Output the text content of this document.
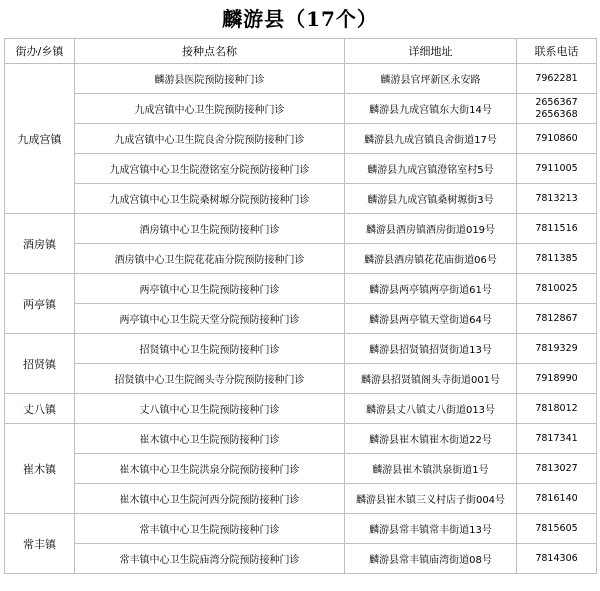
麟游县（17个）
街办/乡镇	接种点名称	详细地址	联系电话
九成宫镇	麟游县医院预防接种门诊	麟游县官坪新区永安路	7962281

	九成宫镇中心卫生院预防接种门诊	麟游县九成宫镇东大街14号	2656367
2656368

	九成宫镇中心卫生院良舍分院预防接种门诊	麟游县九成宫镇良舍街道17号	7910860

	九成宫镇中心卫生院澄铭室分院预防接种门诊	麟游县九成宫镇澄铭室村5号	7911005

	九成宫镇中心卫生院桑树塬分院预防接种门诊	麟游县九成宫镇桑树塬街3号	7813213

酒房镇	酒房镇中心卫生院预防接种门诊	麟游县酒房镇酒房街道019号	7811516

	酒房镇中心卫生院花花庙分院预防接种门诊	麟游县酒房镇花花庙街道06号	7811385

两亭镇	两亭镇中心卫生院预防接种门诊	麟游县两亭镇两亭街道61号	7810025

	两亭镇中心卫生院天堂分院预防接种门诊	麟游县两亭镇天堂街道64号	7812867

招贤镇	招贤镇中心卫生院预防接种门诊	麟游县招贤镇招贤街道13号	7819329

	招贤镇中心卫生院阁头寺分院预防接种门诊	麟游县招贤镇阁头寺街道001号	7918990

丈八镇	丈八镇中心卫生院预防接种门诊	麟游县丈八镇丈八街道013号	7818012

崔木镇	崔木镇中心卫生院预防接种门诊	麟游县崔木镇崔木街道22号	7817341

	崔木镇中心卫生院洪泉分院预防接种门诊	麟游县崔木镇洪泉街道1号	7813027

	崔木镇中心卫生院河西分院预防接种门诊	麟游县崔木镇三义村店子街004号	7816140

常丰镇	常丰镇中心卫生院预防接种门诊	麟游县常丰镇常丰街道13号	7815605

	常丰镇中心卫生院庙湾分院预防接种门诊	麟游县常丰镇庙湾街道08号	7814306
